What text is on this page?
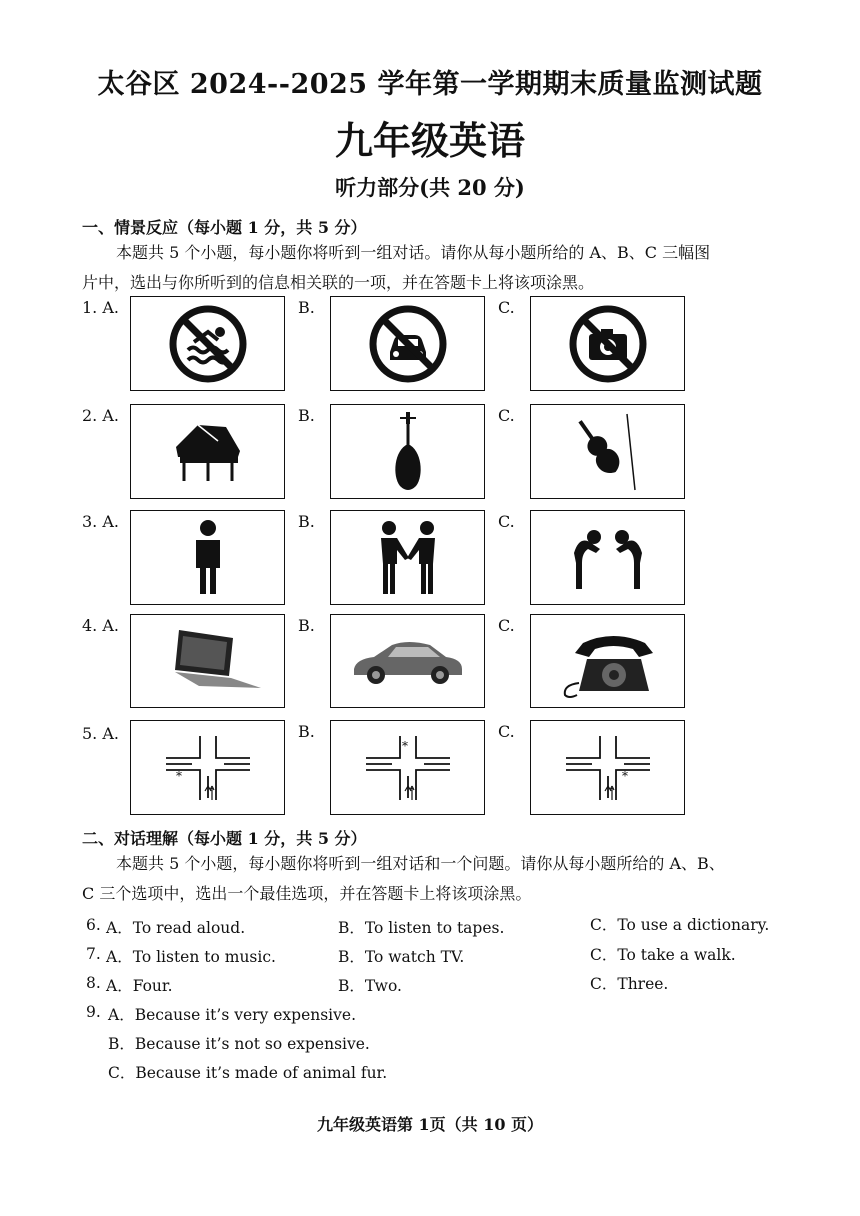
太谷区 2024--2025 学年第一学期期末质量监测试题
九年级英语
听力部分(共 20 分)
一、情景反应（每小题 1 分，共 5 分）
本题共 5 个小题，每小题你将听到一组对话。请你从每小题所给的 A、B、C 三幅图
片中，选出与你所听到的信息相关联的一项，并在答题卡上将该项涂黑。
1. A.	B.	C.
2. A.	B.	C.
3. A.	B.	C.
4. A.	B.	C.
5. A.	B.	C.
*
*
*
二、对话理解（每小题 1 分，共 5 分）
本题共 5 个小题，每小题你将听到一组对话和一个问题。请你从每小题所给的 A、B、
C 三个选项中，选出一个最佳选项，并在答题卡上将该项涂黑。
6. A．To read aloud.	B．To listen to tapes.	C．To use a dictionary.
7. A．To listen to music.	B．To watch TV.	C．To take a walk.
8. A．Four.	B．Two.	C．Three.
9. A．Because it’s very expensive.
B．Because it’s not so expensive.
C．Because it’s made of animal fur.
九年级英语第 1页（共 10 页）
